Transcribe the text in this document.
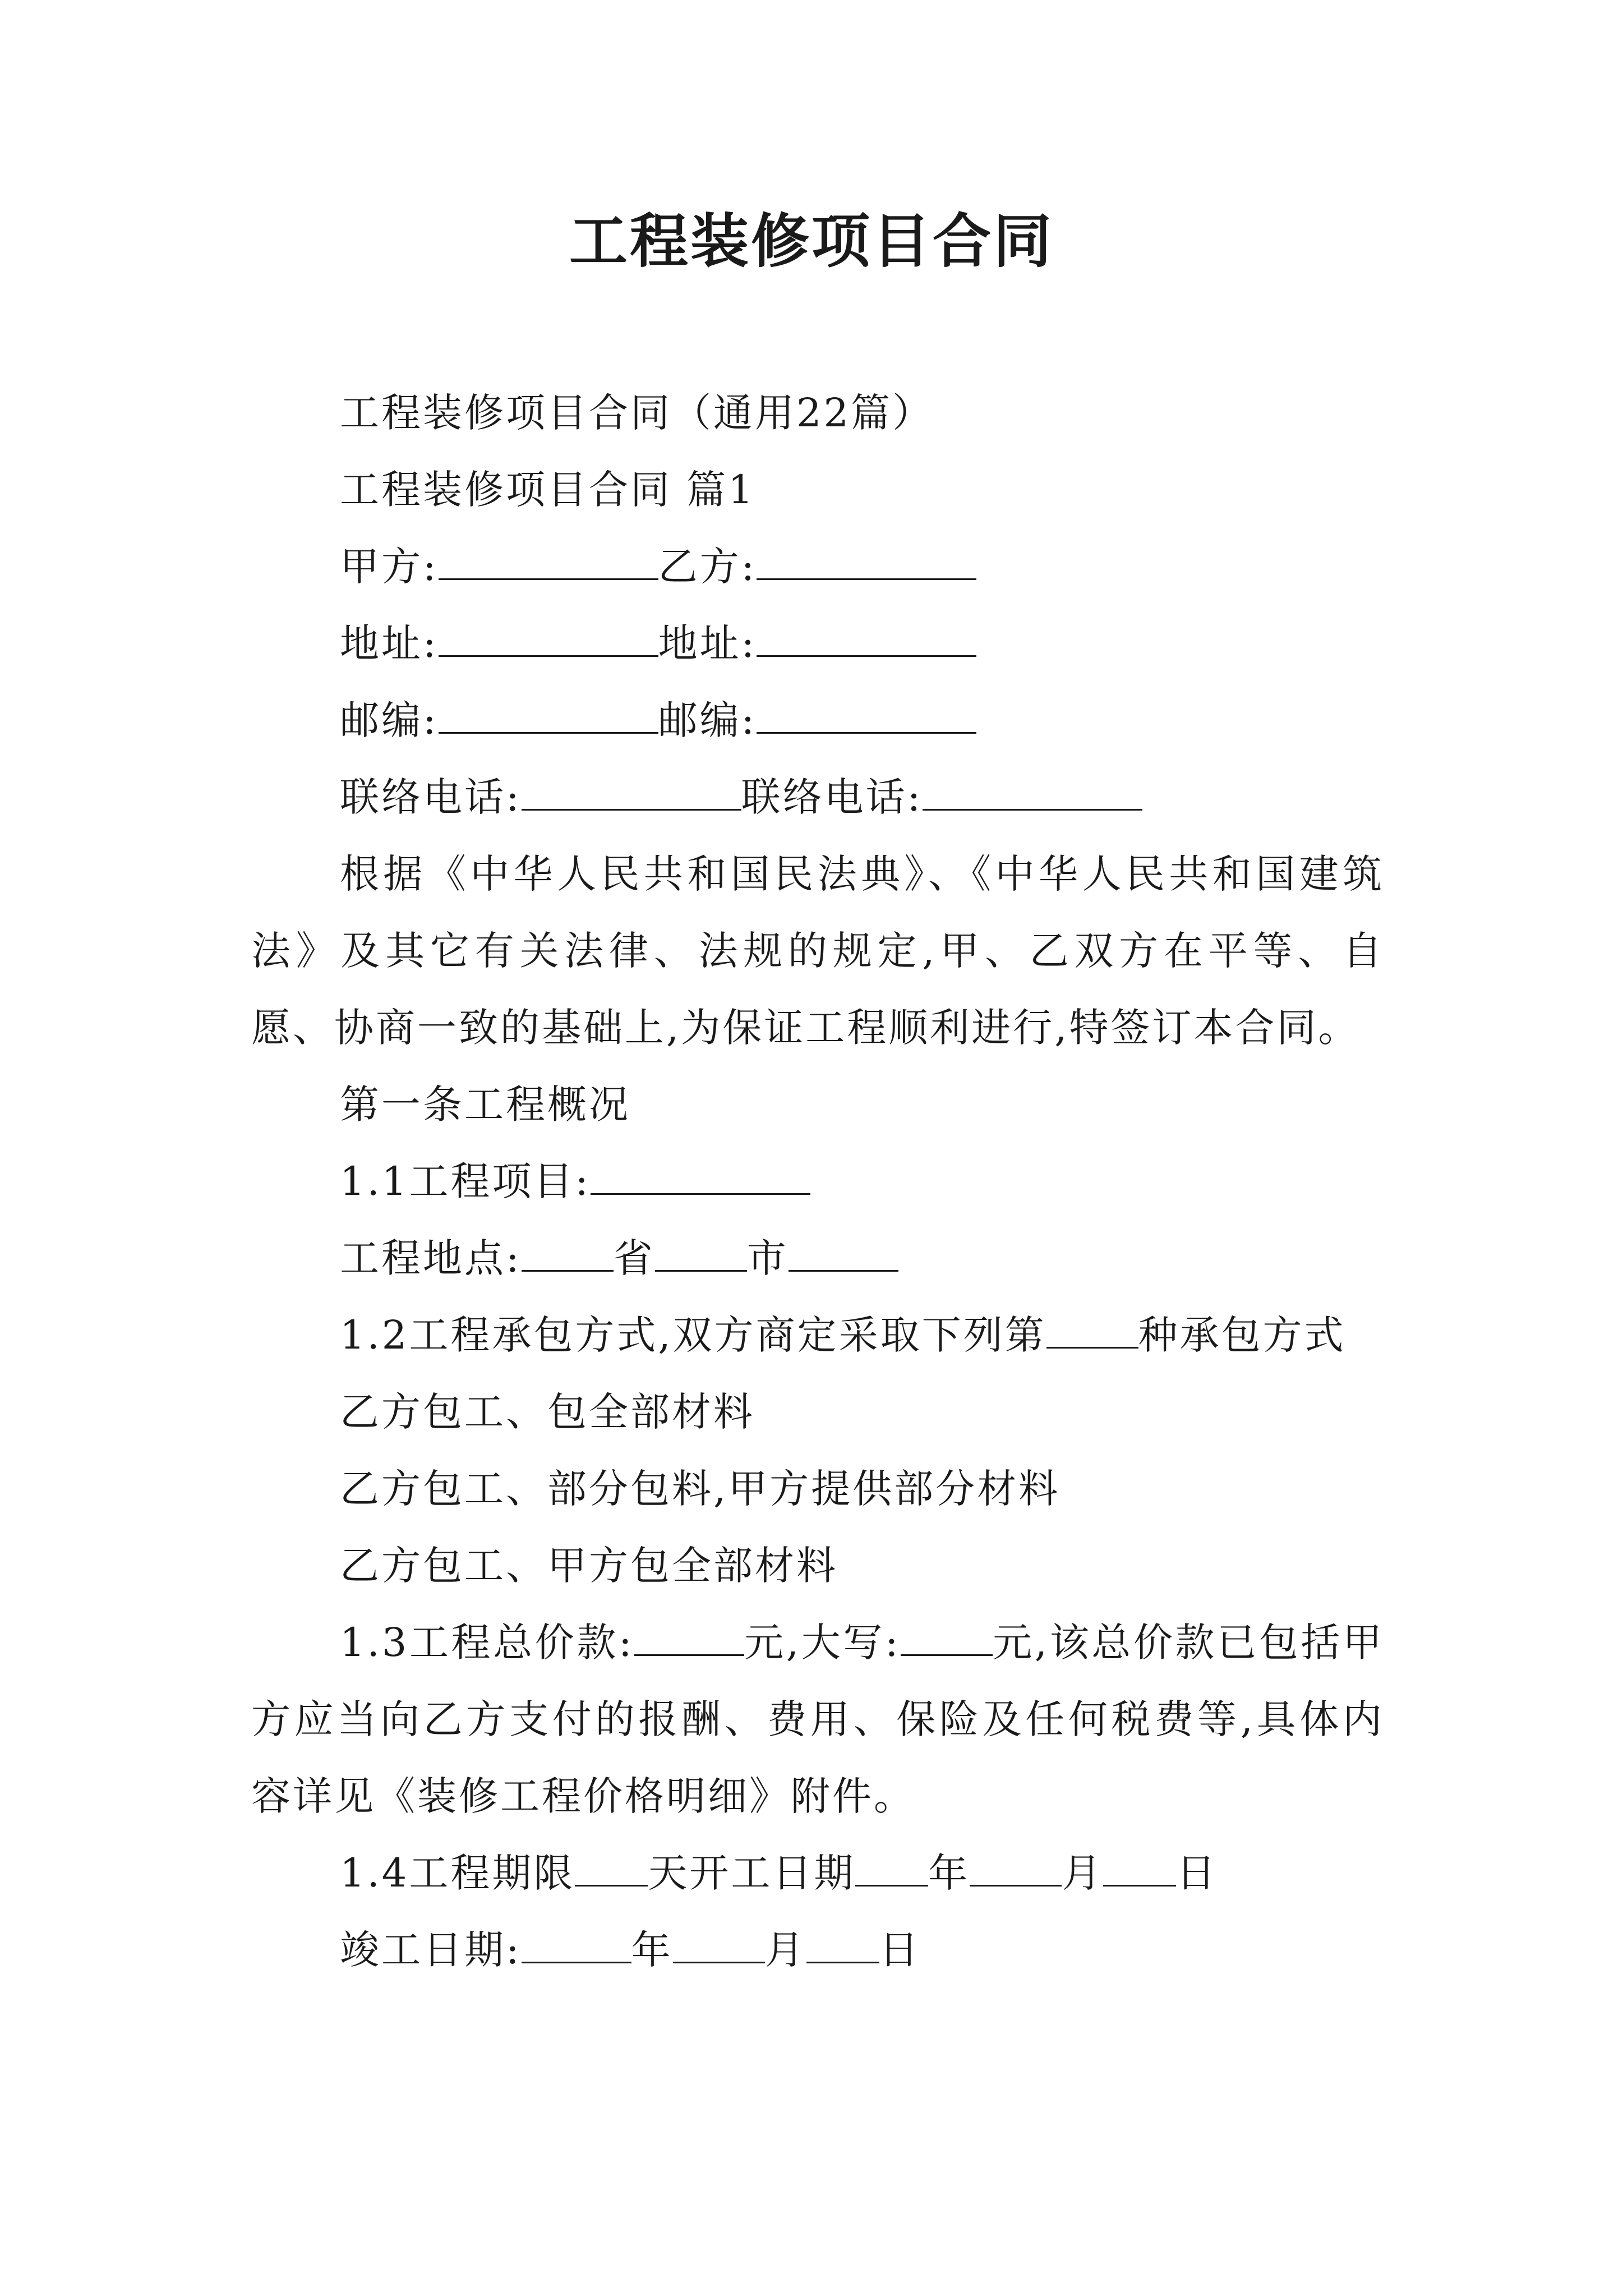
工程装修项目合同

工程装修项目合同（通用22篇）

工程装修项目合同 篇1

甲方:	乙方:

地址:	地址:

邮编:	邮编:

联络电话:	联络电话:

根据《中华人民共和国民法典》、《中华人民共和国建筑法》及其它有关法律、法规的规定,甲、乙双方在平等、自愿、协商一致的基础上,为保证工程顺利进行,特签订本合同。

第一条工程概况

1.1工程项目:

工程地点: 省 市

1.2工程承包方式,双方商定采取下列第 种承包方式

乙方包工、包全部材料

乙方包工、部分包料,甲方提供部分材料

乙方包工、甲方包全部材料

1.3工程总价款:	元,大写: 元,该总价款已包括甲方应当向乙方支付的报酬、费用、保险及任何税费等,具体内容详见《装修工程价格明细》附件。

1.4工程期限 天开工日期 年 月 日

竣工日期:	年 月 日
